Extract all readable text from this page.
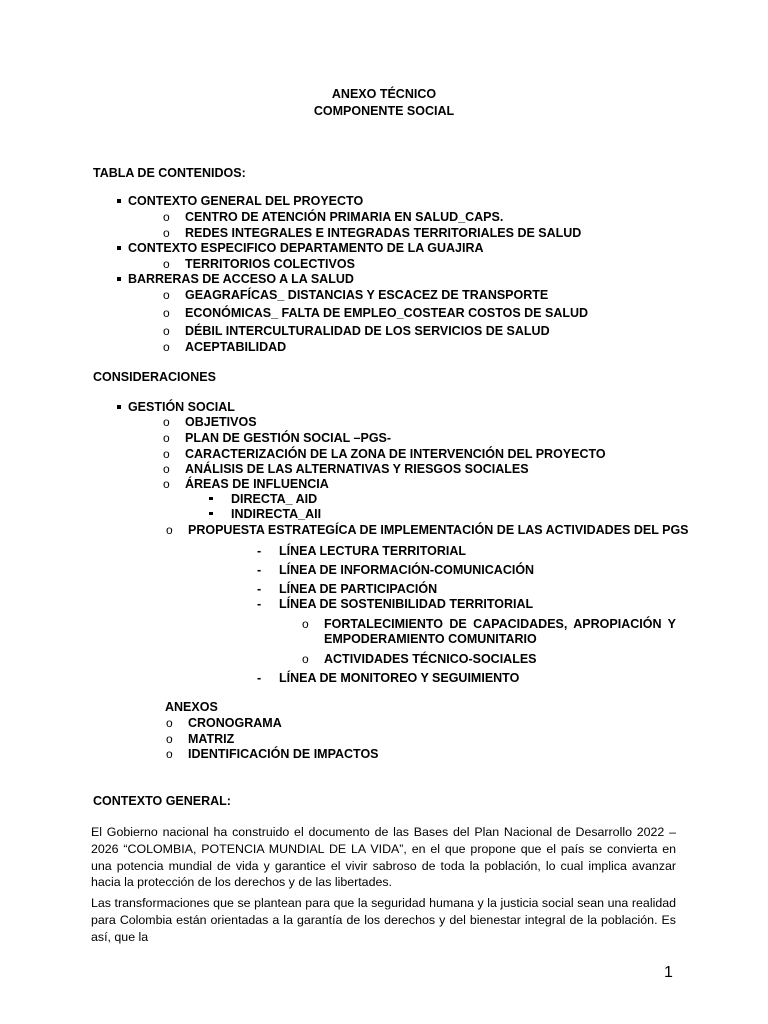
ANEXO TÉCNICO
COMPONENTE SOCIAL
TABLA DE CONTENIDOS:
CONTEXTO GENERAL DEL PROYECTO
o CENTRO DE ATENCIÓN PRIMARIA EN SALUD_CAPS.
o REDES INTEGRALES E INTEGRADAS TERRITORIALES DE SALUD
CONTEXTO ESPECIFICO DEPARTAMENTO DE LA GUAJIRA
o TERRITORIOS COLECTIVOS
BARRERAS DE ACCESO A LA SALUD
o GEAGRAFÍCAS_ DISTANCIAS Y ESCACEZ DE TRANSPORTE
o ECONÓMICAS_ FALTA DE EMPLEO_COSTEAR COSTOS DE SALUD
o DÉBIL INTERCULTURALIDAD DE LOS SERVICIOS DE SALUD
o ACEPTABILIDAD
CONSIDERACIONES
GESTIÓN SOCIAL
o OBJETIVOS
o PLAN DE GESTIÓN SOCIAL –PGS-
o CARACTERIZACIÓN DE LA ZONA DE INTERVENCIÓN DEL PROYECTO
o ANÁLISIS DE LAS ALTERNATIVAS Y RIESGOS SOCIALES
o ÁREAS DE INFLUENCIA
DIRECTA_ AID
INDIRECTA_AII
o PROPUESTA ESTRATEGÍCA DE IMPLEMENTACIÓN DE LAS ACTIVIDADES DEL PGS
- LÍNEA LECTURA TERRITORIAL
- LÍNEA DE INFORMACIÓN-COMUNICACIÓN
- LÍNEA DE PARTICIPACIÓN
- LÍNEA DE SOSTENIBILIDAD TERRITORIAL
o FORTALECIMIENTO DE CAPACIDADES, APROPIACIÓN Y
EMPODERAMIENTO COMUNITARIO
o ACTIVIDADES TÉCNICO-SOCIALES
- LÍNEA DE MONITOREO Y SEGUIMIENTO
ANEXOS
o CRONOGRAMA
o MATRIZ
o IDENTIFICACIÓN DE IMPACTOS
CONTEXTO GENERAL:
El Gobierno nacional ha construido el documento de las Bases del Plan Nacional de Desarrollo 2022 – 2026 “COLOMBIA, POTENCIA MUNDIAL DE LA VIDA”, en el que propone que el país se convierta en una potencia mundial de vida y garantice el vivir sabroso de toda la población, lo cual implica avanzar hacia la protección de los derechos y de las libertades.
Las transformaciones que se plantean para que la seguridad humana y la justicia social sean una realidad para Colombia están orientadas a la garantía de los derechos y del bienestar integral de la población. Es así, que la
1
